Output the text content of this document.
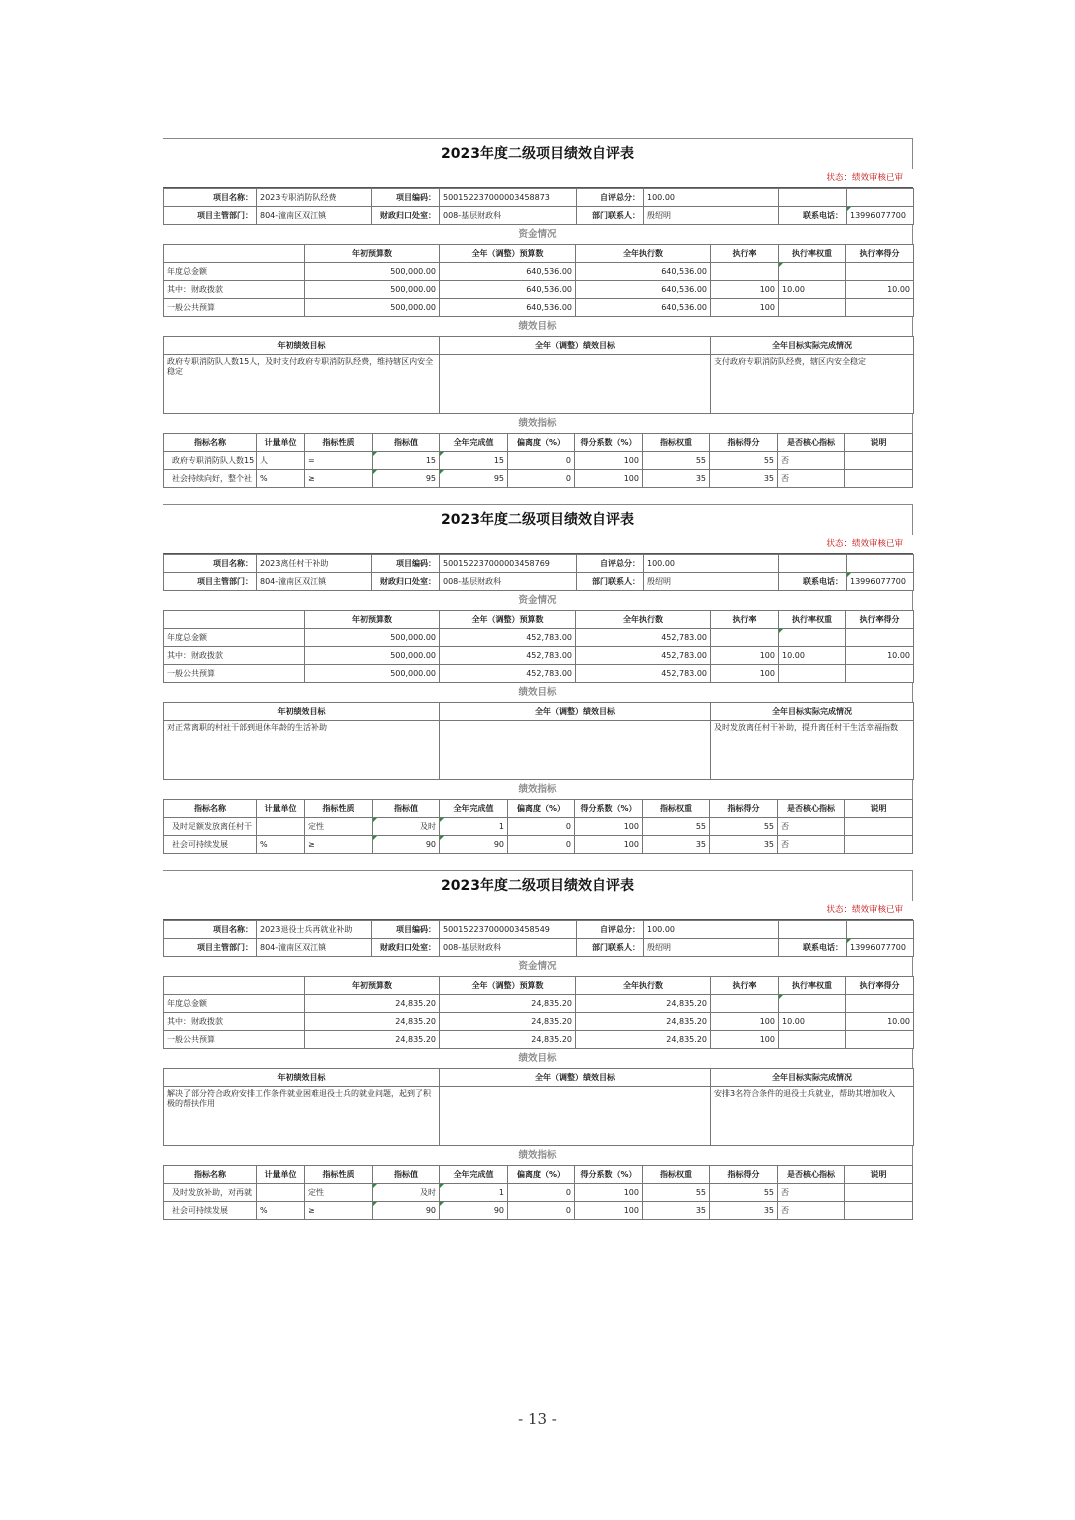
2023年度二级项目绩效自评表
状态：绩效审核已审
项目名称：	2023专职消防队经费	项目编码：	500152237000003458873	自评总分：	100.00		
项目主管部门：	804-潼南区双江镇	财政归口处室：	008-基层财政科	部门联系人：	殷绍明	联系电话：	13996077700
资金情况
	年初预算数	全年（调整）预算数	全年执行数	执行率	执行率权重	执行率得分
年度总金额	500,000.00	640,536.00	640,536.00			
其中：财政拨款	500,000.00	640,536.00	640,536.00	100	10.00	10.00
一般公共预算	500,000.00	640,536.00	640,536.00	100		
绩效目标
年初绩效目标	全年（调整）绩效目标	全年目标实际完成情况
政府专职消防队人数15人，及时支付政府专职消防队经费，维持辖区内安全稳定		支付政府专职消防队经费，辖区内安全稳定
绩效指标
指标名称	计量单位	指标性质	指标值	全年完成值	偏离度（%）	得分系数（%）	指标权重	指标得分	是否核心指标	说明
政府专职消防队人数15	人	=	15	15	0	100	55	55	否	
社会持续向好，整个社	%	≥	95	95	0	100	35	35	否	
2023年度二级项目绩效自评表
状态：绩效审核已审
项目名称：	2023离任村干补助	项目编码：	500152237000003458769	自评总分：	100.00		
项目主管部门：	804-潼南区双江镇	财政归口处室：	008-基层财政科	部门联系人：	殷绍明	联系电话：	13996077700
资金情况
	年初预算数	全年（调整）预算数	全年执行数	执行率	执行率权重	执行率得分
年度总金额	500,000.00	452,783.00	452,783.00			
其中：财政拨款	500,000.00	452,783.00	452,783.00	100	10.00	10.00
一般公共预算	500,000.00	452,783.00	452,783.00	100		
绩效目标
年初绩效目标	全年（调整）绩效目标	全年目标实际完成情况
对正常离职的村社干部到退休年龄的生活补助		及时发放离任村干补助，提升离任村干生活幸福指数
绩效指标
指标名称	计量单位	指标性质	指标值	全年完成值	偏离度（%）	得分系数（%）	指标权重	指标得分	是否核心指标	说明
及时足额发放离任村干		定性	及时	1	0	100	55	55	否	
社会可持续发展	%	≥	90	90	0	100	35	35	否	
2023年度二级项目绩效自评表
状态：绩效审核已审
项目名称：	2023退役士兵再就业补助	项目编码：	500152237000003458549	自评总分：	100.00		
项目主管部门：	804-潼南区双江镇	财政归口处室：	008-基层财政科	部门联系人：	殷绍明	联系电话：	13996077700
资金情况
	年初预算数	全年（调整）预算数	全年执行数	执行率	执行率权重	执行率得分
年度总金额	24,835.20	24,835.20	24,835.20			
其中：财政拨款	24,835.20	24,835.20	24,835.20	100	10.00	10.00
一般公共预算	24,835.20	24,835.20	24,835.20	100		
绩效目标
年初绩效目标	全年（调整）绩效目标	全年目标实际完成情况
解决了部分符合政府安排工作条件就业困难退役士兵的就业问题，起到了积极的帮扶作用		安排3名符合条件的退役士兵就业，帮助其增加收入
绩效指标
指标名称	计量单位	指标性质	指标值	全年完成值	偏离度（%）	得分系数（%）	指标权重	指标得分	是否核心指标	说明
及时发放补助，对再就		定性	及时	1	0	100	55	55	否	
社会可持续发展	%	≥	90	90	0	100	35	35	否	
- 13 -
